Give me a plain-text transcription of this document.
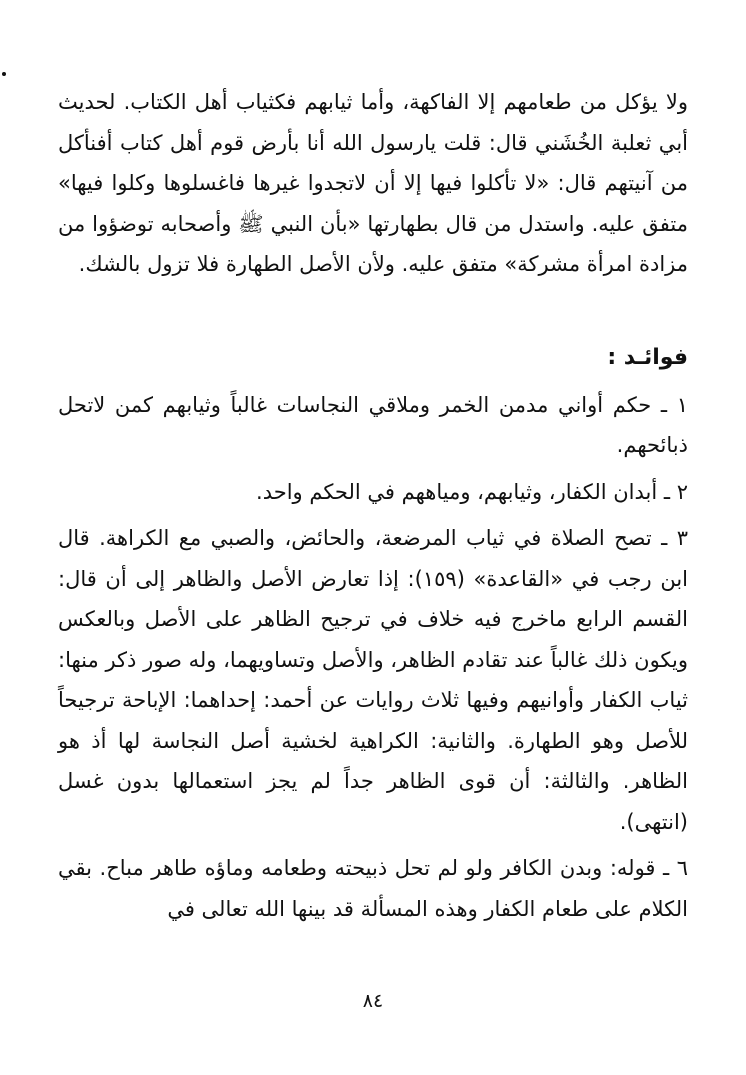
ولا يؤكل من طعامهم إلا الفاكهة، وأما ثيابهم فكثياب أهل الكتاب. لحديث أبي ثعلبة الخُشَني قال: قلت يارسول الله أنا بأرض قوم أهل كتاب أفنأكل من آنيتهم قال: «لا تأكلوا فيها إلا أن لاتجدوا غيرها فاغسلوها وكلوا فيها» متفق عليه. واستدل من قال بطهارتها «بأن النبي ﷺ وأصحابه توضؤوا من مزادة امرأة مشركة» متفق عليه. ولأن الأصل الطهارة فلا تزول بالشك.

فوائـد :

١ ـ حكم أواني مدمن الخمر وملاقي النجاسات غالباً وثيابهم كمن لاتحل ذبائحهم.

٢ ـ أبدان الكفار، وثيابهم، ومياههم في الحكم واحد.

٣ ـ تصح الصلاة في ثياب المرضعة، والحائض، والصبي مع الكراهة. قال ابن رجب في «القاعدة» (١٥٩): إذا تعارض الأصل والظاهر إلى أن قال: القسم الرابع ماخرج فيه خلاف في ترجيح الظاهر على الأصل وبالعكس ويكون ذلك غالباً عند تقادم الظاهر، والأصل وتساويهما، وله صور ذكر منها: ثياب الكفار وأوانيهم وفيها ثلاث روايات عن أحمد: إحداهما: الإباحة ترجيحاً للأصل وهو الطهارة. والثانية: الكراهية لخشية أصل النجاسة لها أذ هو الظاهر. والثالثة: أن قوى الظاهر جداً لم يجز استعمالها بدون غسل (انتهى).

٦ ـ قوله: وبدن الكافر ولو لم تحل ذبيحته وطعامه وماؤه طاهر مباح. بقي الكلام على طعام الكفار وهذه المسألة قد بينها الله تعالى في

٨٤
